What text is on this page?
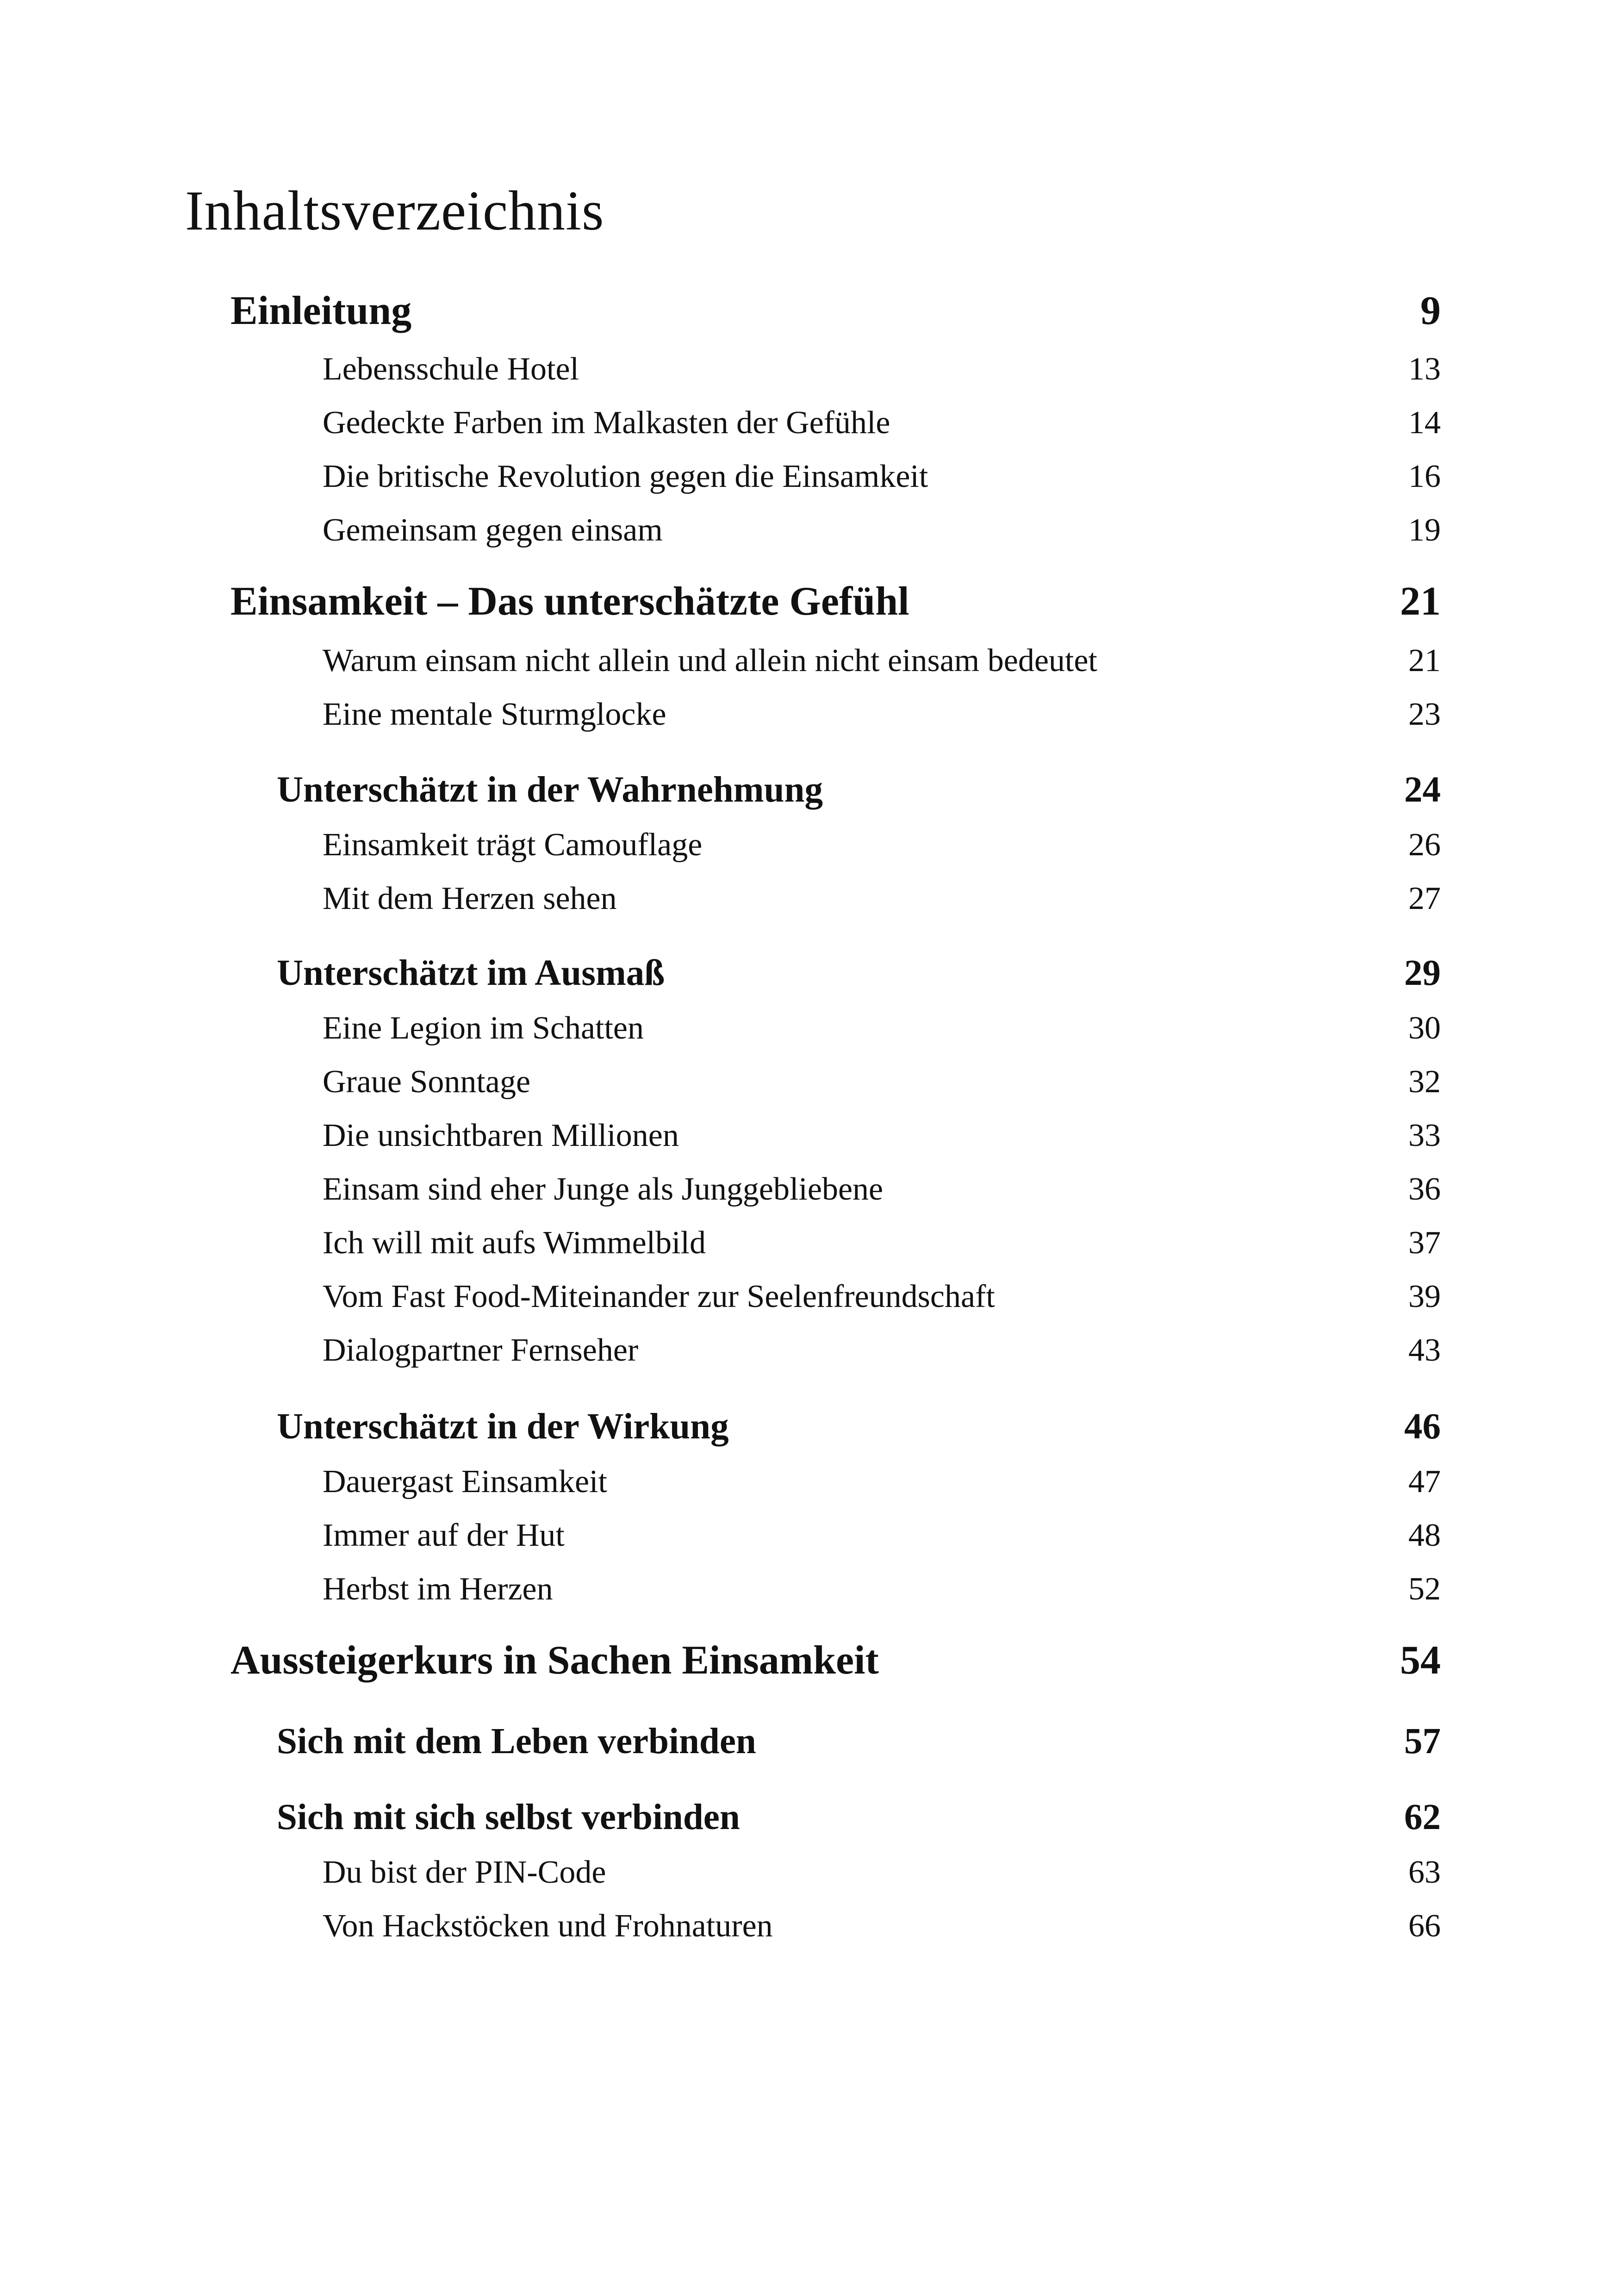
Inhaltsverzeichnis
Einleitung	9
Lebensschule Hotel	13
Gedeckte Farben im Malkasten der Gefühle	14
Die britische Revolution gegen die Einsamkeit	16
Gemeinsam gegen einsam	19
Einsamkeit – Das unterschätzte Gefühl	21
Warum einsam nicht allein und allein nicht einsam bedeutet	21
Eine mentale Sturmglocke	23
Unterschätzt in der Wahrnehmung	24
Einsamkeit trägt Camouflage	26
Mit dem Herzen sehen	27
Unterschätzt im Ausmaß	29
Eine Legion im Schatten	30
Graue Sonntage	32
Die unsichtbaren Millionen	33
Einsam sind eher Junge als Junggebliebene	36
Ich will mit aufs Wimmelbild	37
Vom Fast Food-Miteinander zur Seelenfreundschaft	39
Dialogpartner Fernseher	43
Unterschätzt in der Wirkung	46
Dauergast Einsamkeit	47
Immer auf der Hut	48
Herbst im Herzen	52
Aussteigerkurs in Sachen Einsamkeit	54
Sich mit dem Leben verbinden	57
Sich mit sich selbst verbinden	62
Du bist der PIN-Code	63
Von Hackstöcken und Frohnaturen	66
